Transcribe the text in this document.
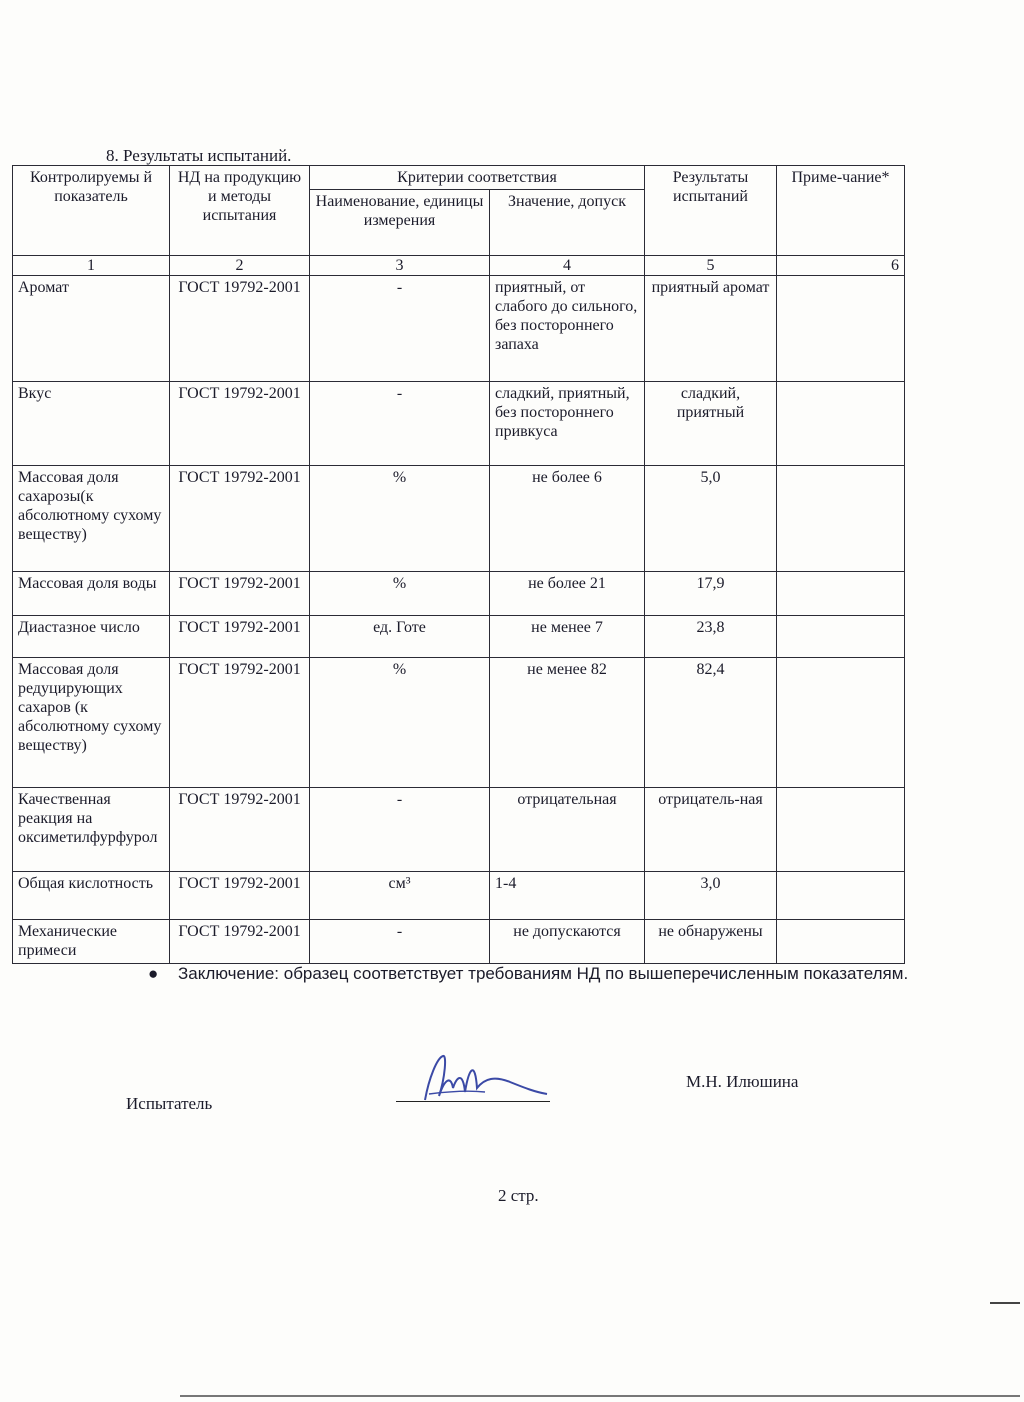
8. Результаты испытаний.
Контролируемы й показатель	НД на продукцию и методы испытания	Критерии соответствия		Результаты испытаний	Приме-чание*
		Наименование, единицы измерения	Значение, допуск		
1	2	3	4	5	6
Аромат	ГОСТ 19792-2001	-	приятный, от слабого до сильного, без постороннего запаха	приятный аромат	
Вкус	ГОСТ 19792-2001	-	сладкий, приятный, без постороннего привкуса	сладкий, приятный	
Массовая доля сахарозы(к абсолютному сухому веществу)	ГОСТ 19792-2001	%	не более 6	5,0	
Массовая доля воды	ГОСТ 19792-2001	%	не более 21	17,9	
Диастазное число	ГОСТ 19792-2001	ед. Готе	не менее 7	23,8	
Массовая доля редуцирующих сахаров (к абсолютному сухому веществу)	ГОСТ 19792-2001	%	не менее 82	82,4	
Качественная реакция на оксиметилфурфурол	ГОСТ 19792-2001	-	отрицательная	отрицатель-ная	
Общая кислотность	ГОСТ 19792-2001	см³	1-4	3,0	
Механические примеси	ГОСТ 19792-2001	-	не допускаются	не обнаружены	
● Заключение: образец соответствует требованиям НД по вышеперечисленным показателям.
Испытатель
М.Н. Илюшина
2 стр.
